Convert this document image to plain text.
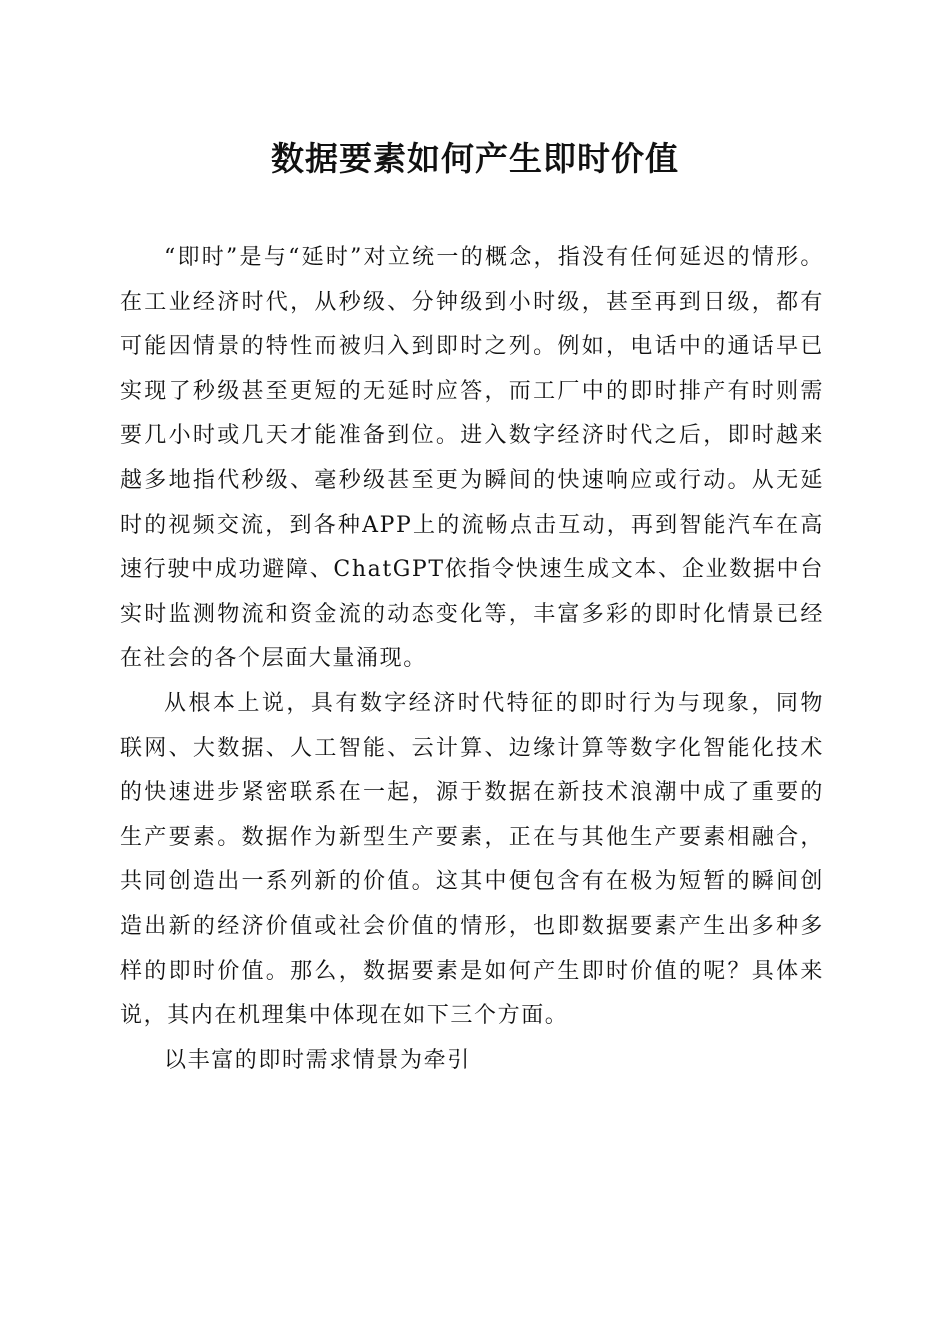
数据要素如何产生即时价值

“即时”是与“延时”对立统一的概念，指没有任何延迟的情形。在工业经济时代，从秒级、分钟级到小时级，甚至再到日级，都有可能因情景的特性而被归入到即时之列。例如，电话中的通话早已实现了秒级甚至更短的无延时应答，而工厂中的即时排产有时则需要几小时或几天才能准备到位。进入数字经济时代之后，即时越来越多地指代秒级、毫秒级甚至更为瞬间的快速响应或行动。从无延时的视频交流，到各种APP上的流畅点击互动，再到智能汽车在高速行驶中成功避障、ChatGPT依指令快速生成文本、企业数据中台实时监测物流和资金流的动态变化等，丰富多彩的即时化情景已经在社会的各个层面大量涌现。

从根本上说，具有数字经济时代特征的即时行为与现象，同物联网、大数据、人工智能、云计算、边缘计算等数字化智能化技术的快速进步紧密联系在一起，源于数据在新技术浪潮中成了重要的生产要素。数据作为新型生产要素，正在与其他生产要素相融合，共同创造出一系列新的价值。这其中便包含有在极为短暂的瞬间创造出新的经济价值或社会价值的情形，也即数据要素产生出多种多样的即时价值。那么，数据要素是如何产生即时价值的呢？具体来说，其内在机理集中体现在如下三个方面。

以丰富的即时需求情景为牵引
